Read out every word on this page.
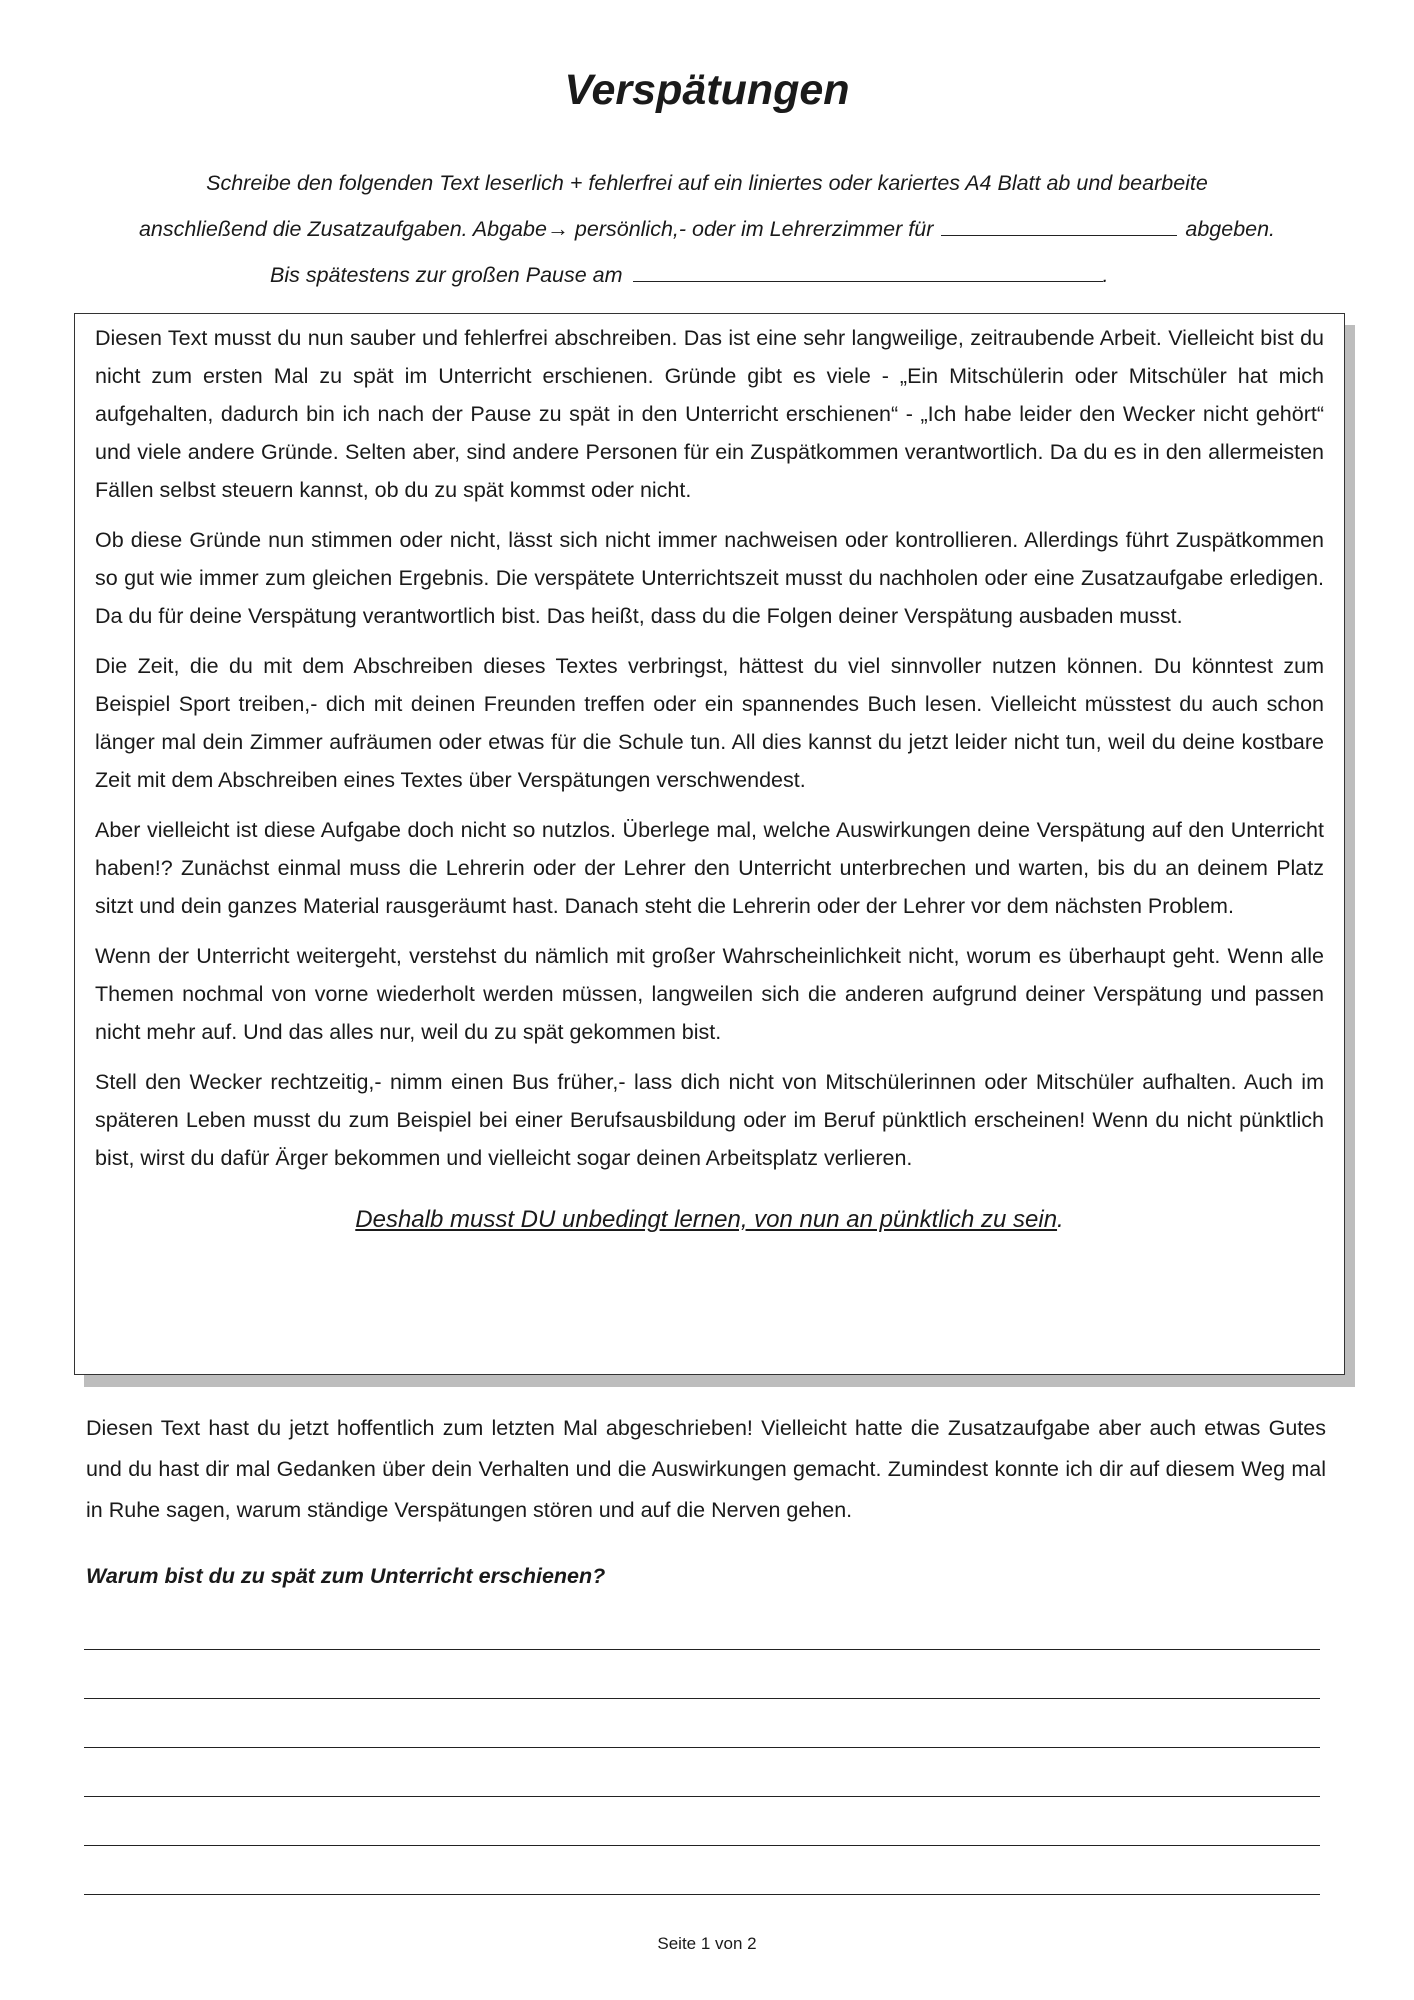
Verspätungen
Schreibe den folgenden Text leserlich + fehlerfrei auf ein liniertes oder kariertes A4 Blatt ab und bearbeite
anschließend die Zusatzaufgaben. Abgabe→ persönlich,- oder im Lehrerzimmer für	abgeben.
Bis spätestens zur großen Pause am	.

Diesen Text musst du nun sauber und fehlerfrei abschreiben. Das ist eine sehr langweilige, zeitraubende Arbeit. Vielleicht bist du nicht zum ersten Mal zu spät im Unterricht erschienen. Gründe gibt es viele - „Ein Mitschülerin oder Mitschüler hat mich aufgehalten, dadurch bin ich nach der Pause zu spät in den Unterricht erschienen“ - „Ich habe leider den Wecker nicht gehört“ und viele andere Gründe. Selten aber, sind andere Personen für ein Zuspätkommen verantwortlich. Da du es in den allermeisten Fällen selbst steuern kannst, ob du zu spät kommst oder nicht.

Ob diese Gründe nun stimmen oder nicht, lässt sich nicht immer nachweisen oder kontrollieren. Allerdings führt Zuspätkommen so gut wie immer zum gleichen Ergebnis. Die verspätete Unterrichtszeit musst du nachholen oder eine Zusatzaufgabe erledigen. Da du für deine Verspätung verantwortlich bist. Das heißt, dass du die Folgen deiner Verspätung ausbaden musst.

Die Zeit, die du mit dem Abschreiben dieses Textes verbringst, hättest du viel sinnvoller nutzen können. Du könntest zum Beispiel Sport treiben,- dich mit deinen Freunden treffen oder ein spannendes Buch lesen. Vielleicht müsstest du auch schon länger mal dein Zimmer aufräumen oder etwas für die Schule tun. All dies kannst du jetzt leider nicht tun, weil du deine kostbare Zeit mit dem Abschreiben eines Textes über Verspätungen verschwendest.

Aber vielleicht ist diese Aufgabe doch nicht so nutzlos. Überlege mal, welche Auswirkungen deine Verspätung auf den Unterricht haben!? Zunächst einmal muss die Lehrerin oder der Lehrer den Unterricht unterbrechen und warten, bis du an deinem Platz sitzt und dein ganzes Material rausgeräumt hast. Danach steht die Lehrerin oder der Lehrer vor dem nächsten Problem.

Wenn der Unterricht weitergeht, verstehst du nämlich mit großer Wahrscheinlichkeit nicht, worum es überhaupt geht. Wenn alle Themen nochmal von vorne wiederholt werden müssen, langweilen sich die anderen aufgrund deiner Verspätung und passen nicht mehr auf. Und das alles nur, weil du zu spät gekommen bist.

Stell den Wecker rechtzeitig,- nimm einen Bus früher,- lass dich nicht von Mitschülerinnen oder Mitschüler aufhalten. Auch im späteren Leben musst du zum Beispiel bei einer Berufsausbildung oder im Beruf pünktlich erscheinen! Wenn du nicht pünktlich bist, wirst du dafür Ärger bekommen und vielleicht sogar deinen Arbeitsplatz verlieren.

Deshalb musst DU unbedingt lernen, von nun an pünktlich zu sein.

Diesen Text hast du jetzt hoffentlich zum letzten Mal abgeschrieben! Vielleicht hatte die Zusatzaufgabe aber auch etwas Gutes und du hast dir mal Gedanken über dein Verhalten und die Auswirkungen gemacht. Zumindest konnte ich dir auf diesem Weg mal in Ruhe sagen, warum ständige Verspätungen stören und auf die Nerven gehen.

Warum bist du zu spät zum Unterricht erschienen?

Seite 1 von 2
